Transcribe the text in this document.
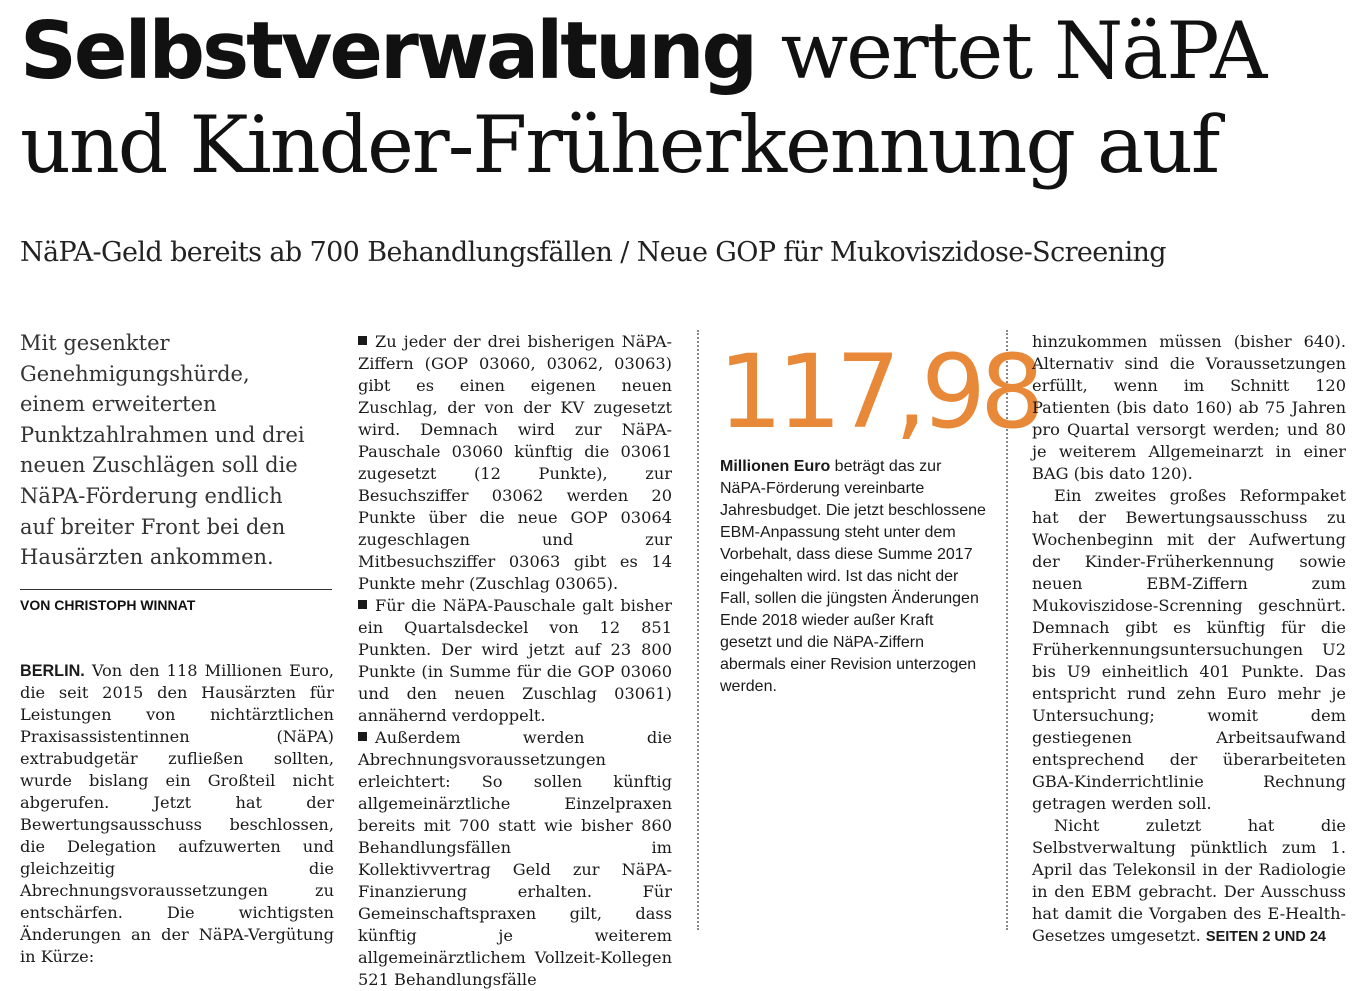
Selbstverwaltung wertet NäPA
und Kinder-Früherkennung auf
NäPA-Geld bereits ab 700 Behandlungsfällen / Neue GOP für Mukoviszidose-Screening
Mit gesenkter Genehmigungshürde, einem erweiterten Punktzahlrahmen und drei neuen Zuschlägen soll die NäPA-Förderung endlich auf breiter Front bei den Hausärzten ankommen.
VON CHRISTOPH WINNAT
BERLIN. Von den 118 Millionen Euro, die seit 2015 den Hausärzten für Leistungen von nichtärztlichen Praxisassistentinnen (NäPA) extrabudgetär zufließen sollten, wurde bislang ein Großteil nicht abgerufen. Jetzt hat der Bewertungsausschuss beschlossen, die Delegation aufzuwerten und gleichzeitig die Abrechnungsvoraussetzungen zu entschärfen. Die wichtigsten Änderungen an der NäPA-Vergütung in Kürze:

Zu jeder der drei bisherigen NäPA-Ziffern (GOP 03060, 03062, 03063) gibt es einen eigenen neuen Zuschlag, der von der KV zugesetzt wird. Demnach wird zur NäPA-Pauschale 03060 künftig die 03061 zugesetzt (12 Punkte), zur Besuchsziffer 03062 werden 20 Punkte über die neue GOP 03064 zugeschlagen und zur Mitbesuchsziffer 03063 gibt es 14 Punkte mehr (Zuschlag 03065).

Für die NäPA-Pauschale galt bisher ein Quartalsdeckel von 12 851 Punkten. Der wird jetzt auf 23 800 Punkte (in Summe für die GOP 03060 und den neuen Zuschlag 03061) annähernd verdoppelt.

Außerdem werden die Abrechnungsvoraussetzungen erleichtert: So sollen künftig allgemeinärztliche Einzelpraxen bereits mit 700 statt wie bisher 860 Behandlungsfällen im Kollektivvertrag Geld zur NäPA-Finanzierung erhalten. Für Gemeinschaftspraxen gilt, dass künftig je weiterem allgemeinärztlichem Vollzeit-Kollegen 521 Behandlungsfälle

117,98
Millionen Euro beträgt das zur NäPA-Förderung vereinbarte Jahresbudget. Die jetzt beschlossene EBM-Anpassung steht unter dem Vorbehalt, dass diese Summe 2017 eingehalten wird. Ist das nicht der Fall, sollen die jüngsten Änderungen Ende 2018 wieder außer Kraft gesetzt und die NäPA-Ziffern abermals einer Revision unterzogen werden.

hinzukommen müssen (bisher 640). Alternativ sind die Voraussetzungen erfüllt, wenn im Schnitt 120 Patienten (bis dato 160) ab 75 Jahren pro Quartal versorgt werden; und 80 je weiterem Allgemeinarzt in einer BAG (bis dato 120).

Ein zweites großes Reformpaket hat der Bewertungsausschuss zu Wochenbeginn mit der Aufwertung der Kinder-Früherkennung sowie neuen EBM-Ziffern zum Mukoviszidose-Screnning geschnürt. Demnach gibt es künftig für die Früherkennungsuntersuchungen U2 bis U9 einheitlich 401 Punkte. Das entspricht rund zehn Euro mehr je Untersuchung; womit dem gestiegenen Arbeitsaufwand entsprechend der überarbeiteten GBA-Kinderrichtlinie Rechnung getragen werden soll.

Nicht zuletzt hat die Selbstverwaltung pünktlich zum 1. April das Telekonsil in der Radiologie in den EBM gebracht. Der Ausschuss hat damit die Vorgaben des E-Health-Gesetzes umgesetzt. SEITEN 2 UND 24
